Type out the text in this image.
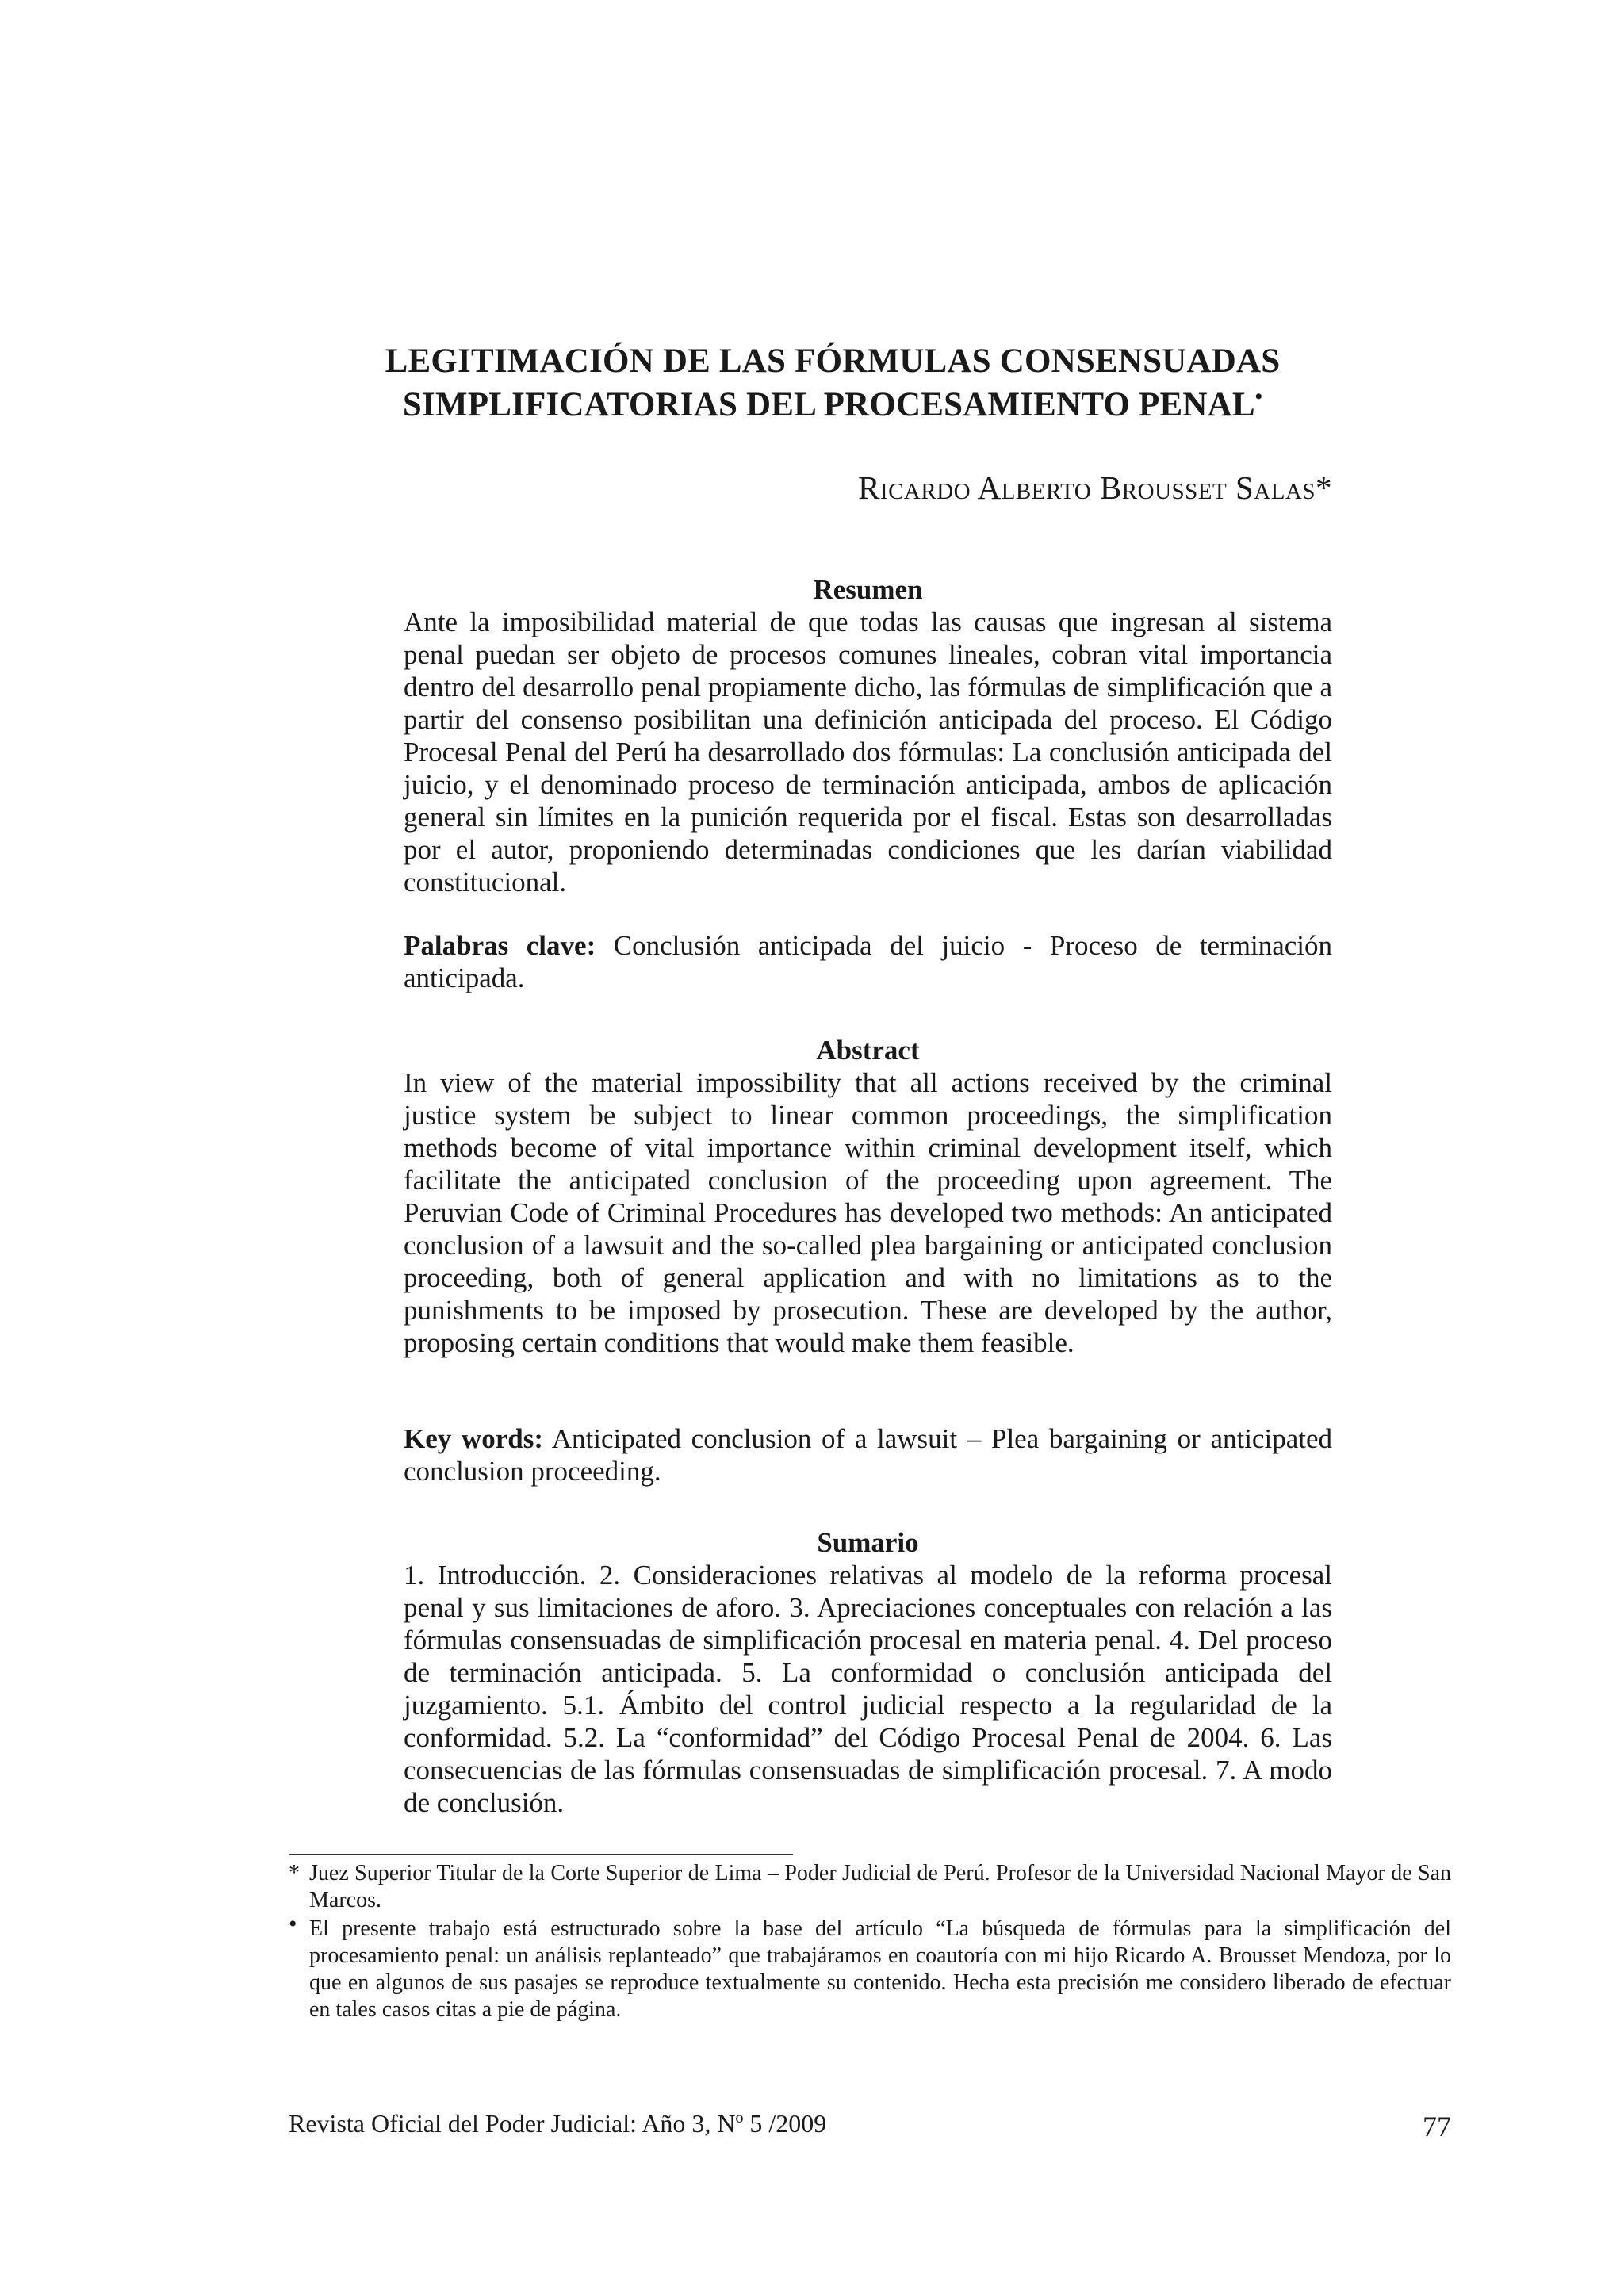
LEGITIMACIÓN DE LAS FÓRMULAS CONSENSUADAS
SIMPLIFICATORIAS DEL PROCESAMIENTO PENAL•
Ricardo Alberto Brousset Salas*

Resumen

Ante la imposibilidad material de que todas las causas que ingresan al sistema penal puedan ser objeto de procesos comunes lineales, cobran vital importancia dentro del desarrollo penal propiamente dicho, las fórmulas de simplificación que a partir del consenso posibilitan una definición anticipada del proceso. El Código Procesal Penal del Perú ha desarrollado dos fórmulas: La conclusión anticipada del juicio, y el denominado proceso de terminación anticipada, ambos de aplicación general sin límites en la punición requerida por el fiscal. Estas son desarrolladas por el autor, proponiendo determinadas condiciones que les darían viabilidad constitucional.

Palabras clave: Conclusión anticipada del juicio - Proceso de terminación anticipada.

Abstract

In view of the material impossibility that all actions received by the criminal justice system be subject to linear common proceedings, the simplification methods become of vital importance within criminal development itself, which facilitate the anticipated conclusion of the proceeding upon agreement. The Peruvian Code of Criminal Procedures has developed two methods: An anticipated conclusion of a lawsuit and the so-called plea bargaining or anticipated conclusion proceeding, both of general application and with no limitations as to the punishments to be imposed by prosecution. These are developed by the author, proposing certain conditions that would make them feasible.

Key words: Anticipated conclusion of a lawsuit – Plea bargaining or anticipated conclusion proceeding.

Sumario

1. Introducción. 2. Consideraciones relativas al modelo de la reforma procesal penal y sus limitaciones de aforo. 3. Apreciaciones conceptuales con relación a las fórmulas consensuadas de simplificación procesal en materia penal. 4. Del proceso de terminación anticipada. 5. La conformidad o conclusión anticipada del juzgamiento. 5.1. Ámbito del control judicial respecto a la regularidad de la conformidad. 5.2. La “conformidad” del Código Procesal Penal de 2004. 6. Las consecuencias de las fórmulas consensuadas de simplificación procesal. 7. A modo de conclusión.

* Juez Superior Titular de la Corte Superior de Lima – Poder Judicial de Perú. Profesor de la Universidad Nacional Mayor de San Marcos.

• El presente trabajo está estructurado sobre la base del artículo “La búsqueda de fórmulas para la simplificación del procesamiento penal: un análisis replanteado” que trabajáramos en coautoría con mi hijo Ricardo A. Brousset Mendoza, por lo que en algunos de sus pasajes se reproduce textualmente su contenido. Hecha esta precisión me considero liberado de efectuar en tales casos citas a pie de página.

Revista Oficial del Poder Judicial: Año 3, Nº 5 /2009	77
